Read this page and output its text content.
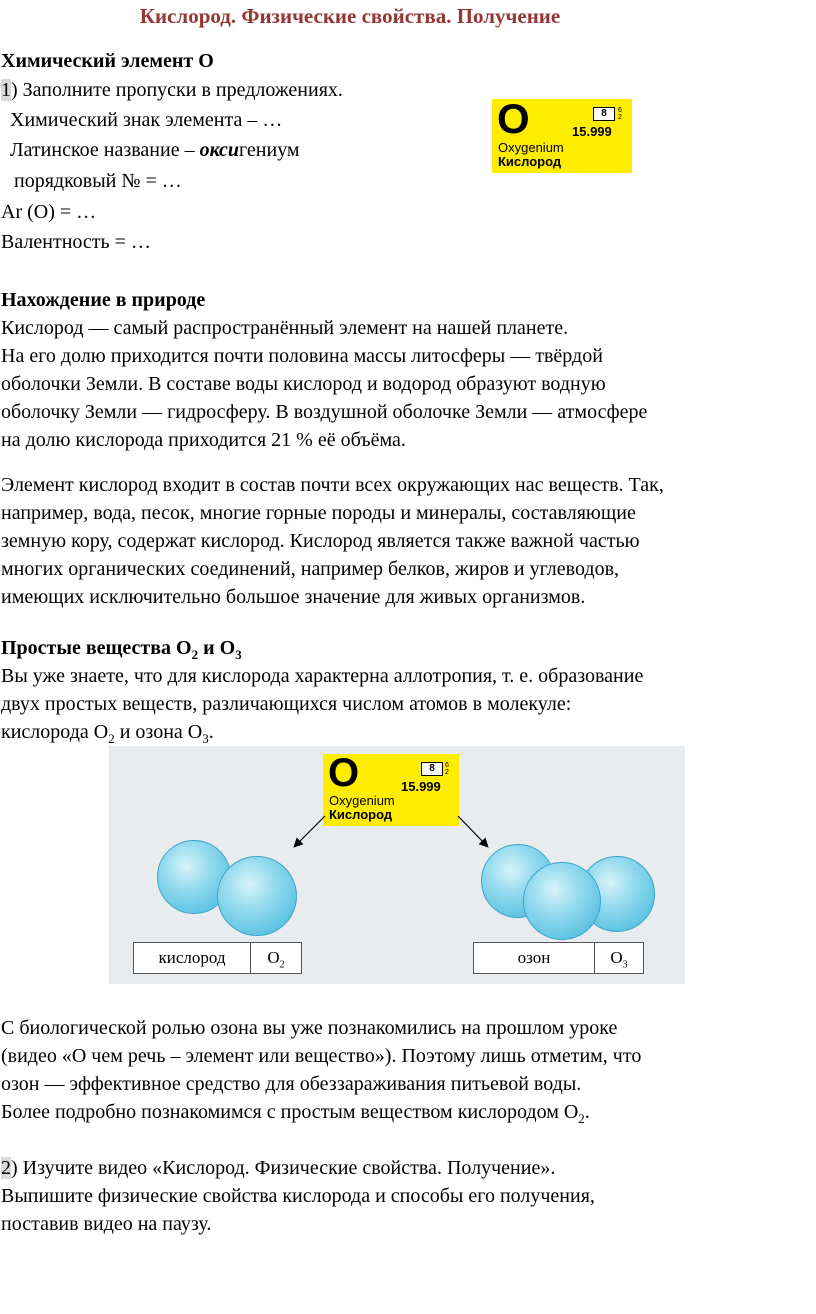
Кислород. Физические свойства. Получение
Химический элемент О
1) Заполните пропуски в предложениях.
Химический знак элемента – …
Латинское название – оксигениум
порядковый № = …
Ar (O) = …
Валентность = …
O	8	6
2
15.999
Oxygenium
Кислород
Нахождение в природе
Кислород — самый распространённый элемент на нашей планете.
На его долю приходится почти половина массы литосферы — твёрдой
оболочки Земли. В составе воды кислород и водород образуют водную
оболочку Земли — гидросферу. В воздушной оболочке Земли — атмосфере
на долю кислорода приходится 21 % её объёма.
Элемент кислород входит в состав почти всех окружающих нас веществ. Так,
например, вода, песок, многие горные породы и минералы, составляющие
земную кору, содержат кислород. Кислород является также важной частью
многих органических соединений, например белков, жиров и углеводов,
имеющих исключительно большое значение для живых организмов.
Простые вещества $O_2$ и $O_3$
Вы уже знаете, что для кислорода характерна аллотропия, т. е. образование
двух простых веществ, различающихся числом атомов в молекуле:
кислорода $O_2$ и озона $O_3$.
O	8	6
2
15.999
Oxygenium
Кислород
кислород	$O_2$	озон	$O_3$
С биологической ролью озона вы уже познакомились на прошлом уроке
(видео «О чем речь – элемент или вещество»). Поэтому лишь отметим, что
озон — эффективное средство для обеззараживания питьевой воды.
Более подробно познакомимся с простым веществом кислородом $O_2$.
2) Изучите видео «Кислород. Физические свойства. Получение».
Выпишите физические свойства кислорода и способы его получения,
поставив видео на паузу.
